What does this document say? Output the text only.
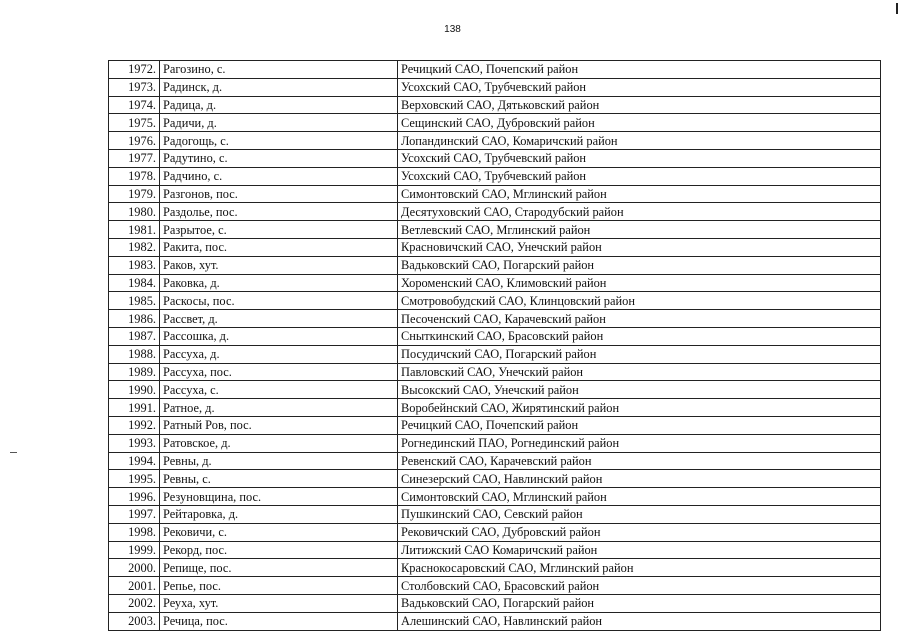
138
1972.	Рагозино, с.	Речицкий САО, Почепский район
1973.	Радинск, д.	Усохский САО, Трубчевский район
1974.	Радица, д.	Верховский САО, Дятьковский район
1975.	Радичи, д.	Сещинский САО, Дубровский район
1976.	Радогощь, с.	Лопандинский САО, Комаричский район
1977.	Радутино, с.	Усохский САО, Трубчевский район
1978.	Радчино, с.	Усохский САО, Трубчевский район
1979.	Разгонов, пос.	Симонтовский САО, Мглинский район
1980.	Раздолье, пос.	Десятуховский САО, Стародубский район
1981.	Разрытое, с.	Ветлевский САО, Мглинский район
1982.	Ракита, пос.	Красновичский САО, Унечский район
1983.	Раков, хут.	Вадьковский САО, Погарский район
1984.	Раковка, д.	Хороменский САО, Климовский район
1985.	Раскосы, пос.	Смотровобудский САО, Клинцовский район
1986.	Рассвет, д.	Песоченский САО, Карачевский район
1987.	Рассошка, д.	Сныткинский САО, Брасовский район
1988.	Рассуха, д.	Посудичский САО, Погарский район
1989.	Рассуха, пос.	Павловский САО, Унечский район
1990.	Рассуха, с.	Высокский САО, Унечский район
1991.	Ратное, д.	Воробейнский САО, Жирятинский район
1992.	Ратный Ров, пос.	Речицкий САО, Почепский район
1993.	Ратовское, д.	Рогнединский ПАО, Рогнединский район
1994.	Ревны, д.	Ревенский САО, Карачевский район
1995.	Ревны, с.	Синезерский САО, Навлинский район
1996.	Резуновщина, пос.	Симонтовский САО, Мглинский район
1997.	Рейтаровка, д.	Пушкинский САО, Севский район
1998.	Рековичи, с.	Рековичский САО, Дубровский район
1999.	Рекорд, пос.	Литижский САО Комаричский район
2000.	Репище, пос.	Краснокосаровский САО, Мглинский район
2001.	Репье, пос.	Столбовский САО, Брасовский район
2002.	Реуха, хут.	Вадьковский САО, Погарский район
2003.	Речица, пос.	Алешинский САО, Навлинский район
